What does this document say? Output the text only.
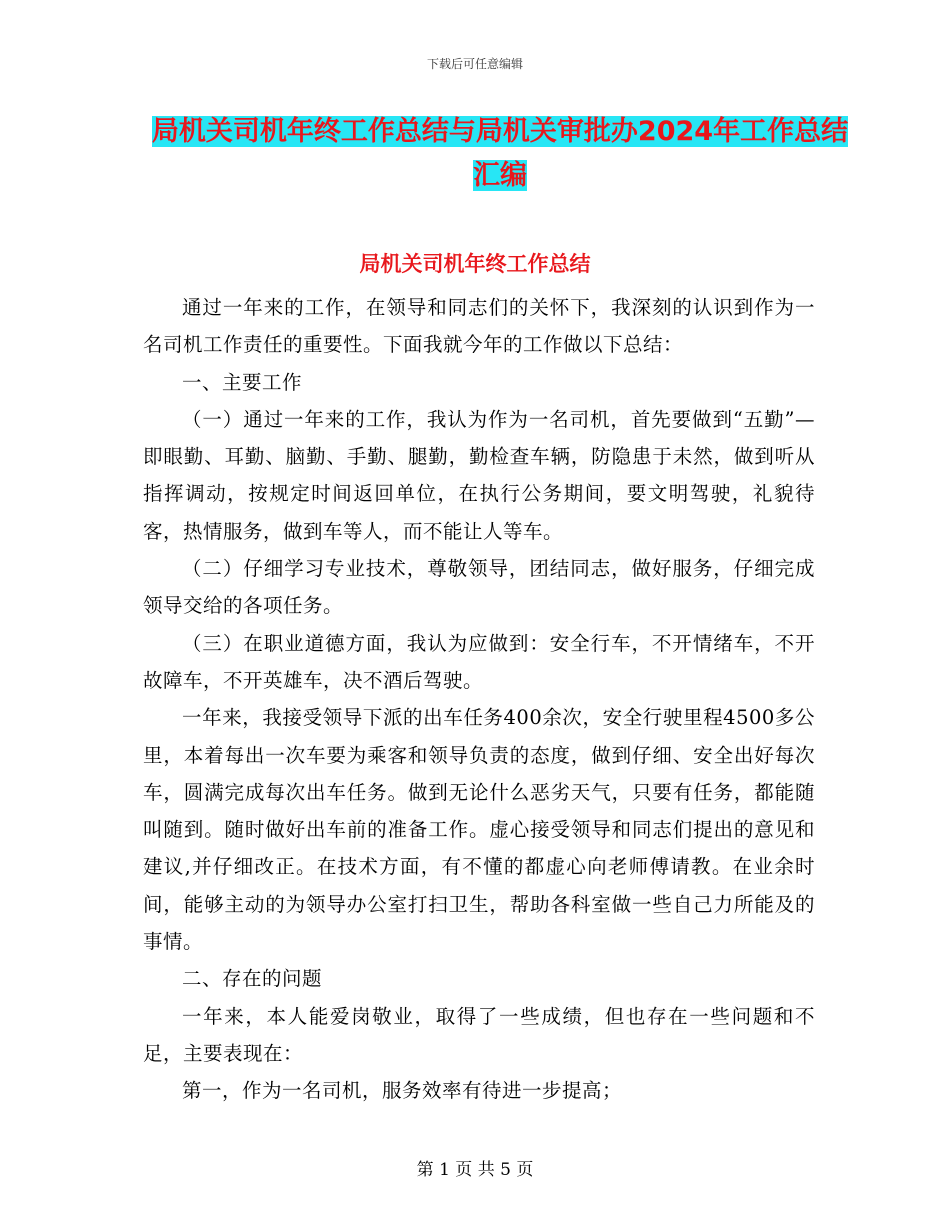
下载后可任意编辑
局机关司机年终工作总结与局机关审批办2024年工作总结汇编
局机关司机年终工作总结

通过一年来的工作，在领导和同志们的关怀下，我深刻的认识到作为一名司机工作责任的重要性。下面我就今年的工作做以下总结：

一、主要工作

（一）通过一年来的工作，我认为作为一名司机，首先要做到“五勤”—即眼勤、耳勤、脑勤、手勤、腿勤，勤检查车辆，防隐患于未然，做到听从指挥调动，按规定时间返回单位，在执行公务期间，要文明驾驶，礼貌待客，热情服务，做到车等人，而不能让人等车。

（二）仔细学习专业技术，尊敬领导，团结同志，做好服务，仔细完成领导交给的各项任务。

（三）在职业道德方面，我认为应做到：安全行车，不开情绪车，不开故障车，不开英雄车，决不酒后驾驶。

一年来，我接受领导下派的出车任务400余次，安全行驶里程4500多公里，本着每出一次车要为乘客和领导负责的态度，做到仔细、安全出好每次车，圆满完成每次出车任务。做到无论什么恶劣天气，只要有任务，都能随叫随到。随时做好出车前的准备工作。虚心接受领导和同志们提出的意见和建议,并仔细改正。在技术方面，有不懂的都虚心向老师傅请教。在业余时间，能够主动的为领导办公室打扫卫生，帮助各科室做一些自己力所能及的事情。

二、存在的问题

一年来，本人能爱岗敬业，取得了一些成绩，但也存在一些问题和不足，主要表现在：

第一，作为一名司机，服务效率有待进一步提高；

第 1 页 共 5 页
